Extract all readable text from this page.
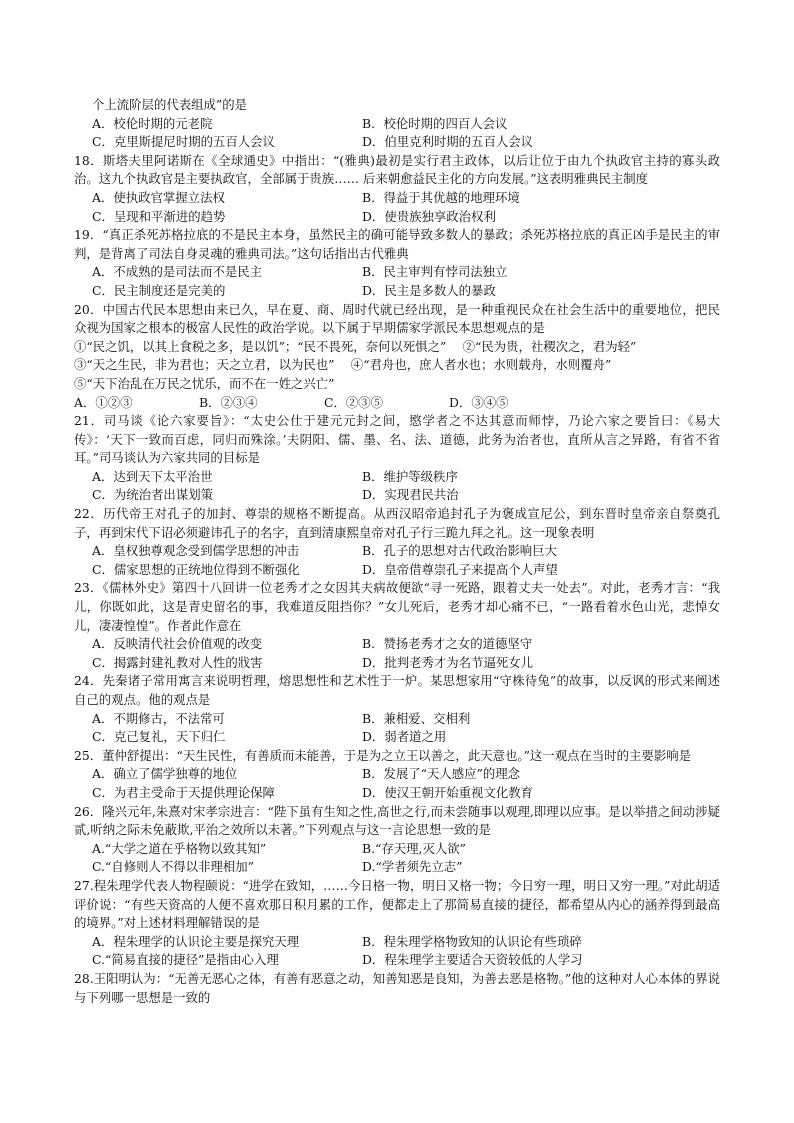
个上流阶层的代表组成”的是

A．校伦时期的元老院	B．校伦时期的四百人会议
C．克里斯提尼时期的五百人会议	D．伯里克利时期的五百人会议

18．斯塔夫里阿诺斯在《全球通史》中指出：“(雅典)最初是实行君主政体，以后让位于由九个执政官主持的寡头政治。这九个执政官是主要执政官，全部属于贵族…… 后来朝愈益民主化的方向发展。”这表明雅典民主制度

A．使执政官掌握立法权	B．得益于其优越的地理环境
C．呈现和平渐进的趋势	D．使贵族独享政治权利

19．“真正杀死苏格拉底的不是民主本身，虽然民主的确可能导致多数人的暴政；杀死苏格拉底的真正凶手是民主的审判，是背离了司法自身灵魂的雅典司法。”这句话指出古代雅典

A．不成熟的是司法而不是民主	B．民主审判有悖司法独立
C．民主制度还是完美的	D．民主是多数人的暴政

20．中国古代民本思想由来已久，早在夏、商、周时代就已经出现，是一种重视民众在社会生活中的重要地位，把民众视为国家之根本的极富人民性的政治学说。以下属于早期儒家学派民本思想观点的是

①“民之饥，以其上食税之多，是以饥”；“民不畏死，奈何以死惧之”　 ②“民为贵，社稷次之，君为轻”

③“天之生民，非为君也；天之立君，以为民也”　 ④“君舟也，庶人者水也；水则载舟，水则覆舟”

⑤“天下治乱在万民之忧乐，而不在一姓之兴亡”

A．①②③	B．②③④	C．②③⑤	D．③④⑤

21．司马谈《论六家要旨》：“太史公仕于建元元封之间，愍学者之不达其意而师悖，乃论六家之要旨曰：《易大传》：‘天下一致而百虑，同归而殊涂。’夫阴阳、儒、墨、名、法、道德，此务为治者也，直所从言之异路，有省不省耳。”司马谈认为六家共同的目标是

A．达到天下太平治世	B．维护等级秩序
C．为统治者出谋划策	D．实现君民共治

22．历代帝王对孔子的加封、尊崇的规格不断提高。从西汉昭帝追封孔子为褒成宣尼公，到东晋时皇帝亲自祭奠孔子，再到宋代下诏必须避讳孔子的名字，直到清康熙皇帝对孔子行三跪九拜之礼。这一现象表明

A．皇权独尊观念受到儒学思想的冲击	B．孔子的思想对古代政治影响巨大
C．儒家思想的正统地位得到不断强化	D．皇帝借尊崇孔子来提高个人声望

23．《儒林外史》第四十八回讲一位老秀才之女因其夫病故便欲“寻一死路，跟着丈夫一处去”。对此，老秀才言：“我儿，你既如此，这是青史留名的事，我难道反阻挡你？”女儿死后，老秀才却心痛不已，“一路看着水色山光，悲悼女儿，凄凄惶惶”。作者此作意在

A．反映清代社会价值观的改变	B．赞扬老秀才之女的道德坚守
C．揭露封建礼教对人性的戕害	D．批判老秀才为名节逼死女儿

24．先秦诸子常用寓言来说明哲理，熔思想性和艺术性于一炉。某思想家用“守株待兔”的故事，以反讽的形式来阐述自己的观点。他的观点是

A．不期修古，不法常可	B．兼相爱、交相利
C．克己复礼，天下归仁	D．弱者道之用

25．董仲舒提出：“天生民性，有善质而未能善，于是为之立王以善之，此天意也。”这一观点在当时的主要影响是

A．确立了儒学独尊的地位	B．发展了“天人感应”的理念
C．为君主受命于天提供理论保障	D．使汉王朝开始重视文化教育

26．隆兴元年,朱熹对宋孝宗进言：“陛下虽有生知之性,高世之行,而未尝随事以观理,即理以应事。是以举措之间动涉疑贰,听纳之际未免蔽欺,平治之效所以未著。”下列观点与这一言论思想一致的是

A.“大学之道在乎格物以致其知”	B.“存天理,灭人欲”
C.“自修则人不得以非理相加”	D.“学者须先立志”

27.程朱理学代表人物程颐说：“进学在致知，……今日格一物，明日又格一物；今日穷一理，明日又穷一理。”对此胡适评价说：“有些天资高的人便不喜欢那日积月累的工作，便都走上了那简易直接的捷径，都希望从内心的涵养得到最高的境界。”对上述材料理解错误的是

A．程朱理学的认识论主要是探究天理	B．程朱理学格物致知的认识论有些琐碎
C.“简易直接的捷径”是指由心入理	D．程朱理学主要适合天资较低的人学习

28.王阳明认为：“无善无恶心之体，有善有恶意之动，知善知恶是良知，为善去恶是格物。”他的这种对人心本体的界说与下列哪一思想是一致的
